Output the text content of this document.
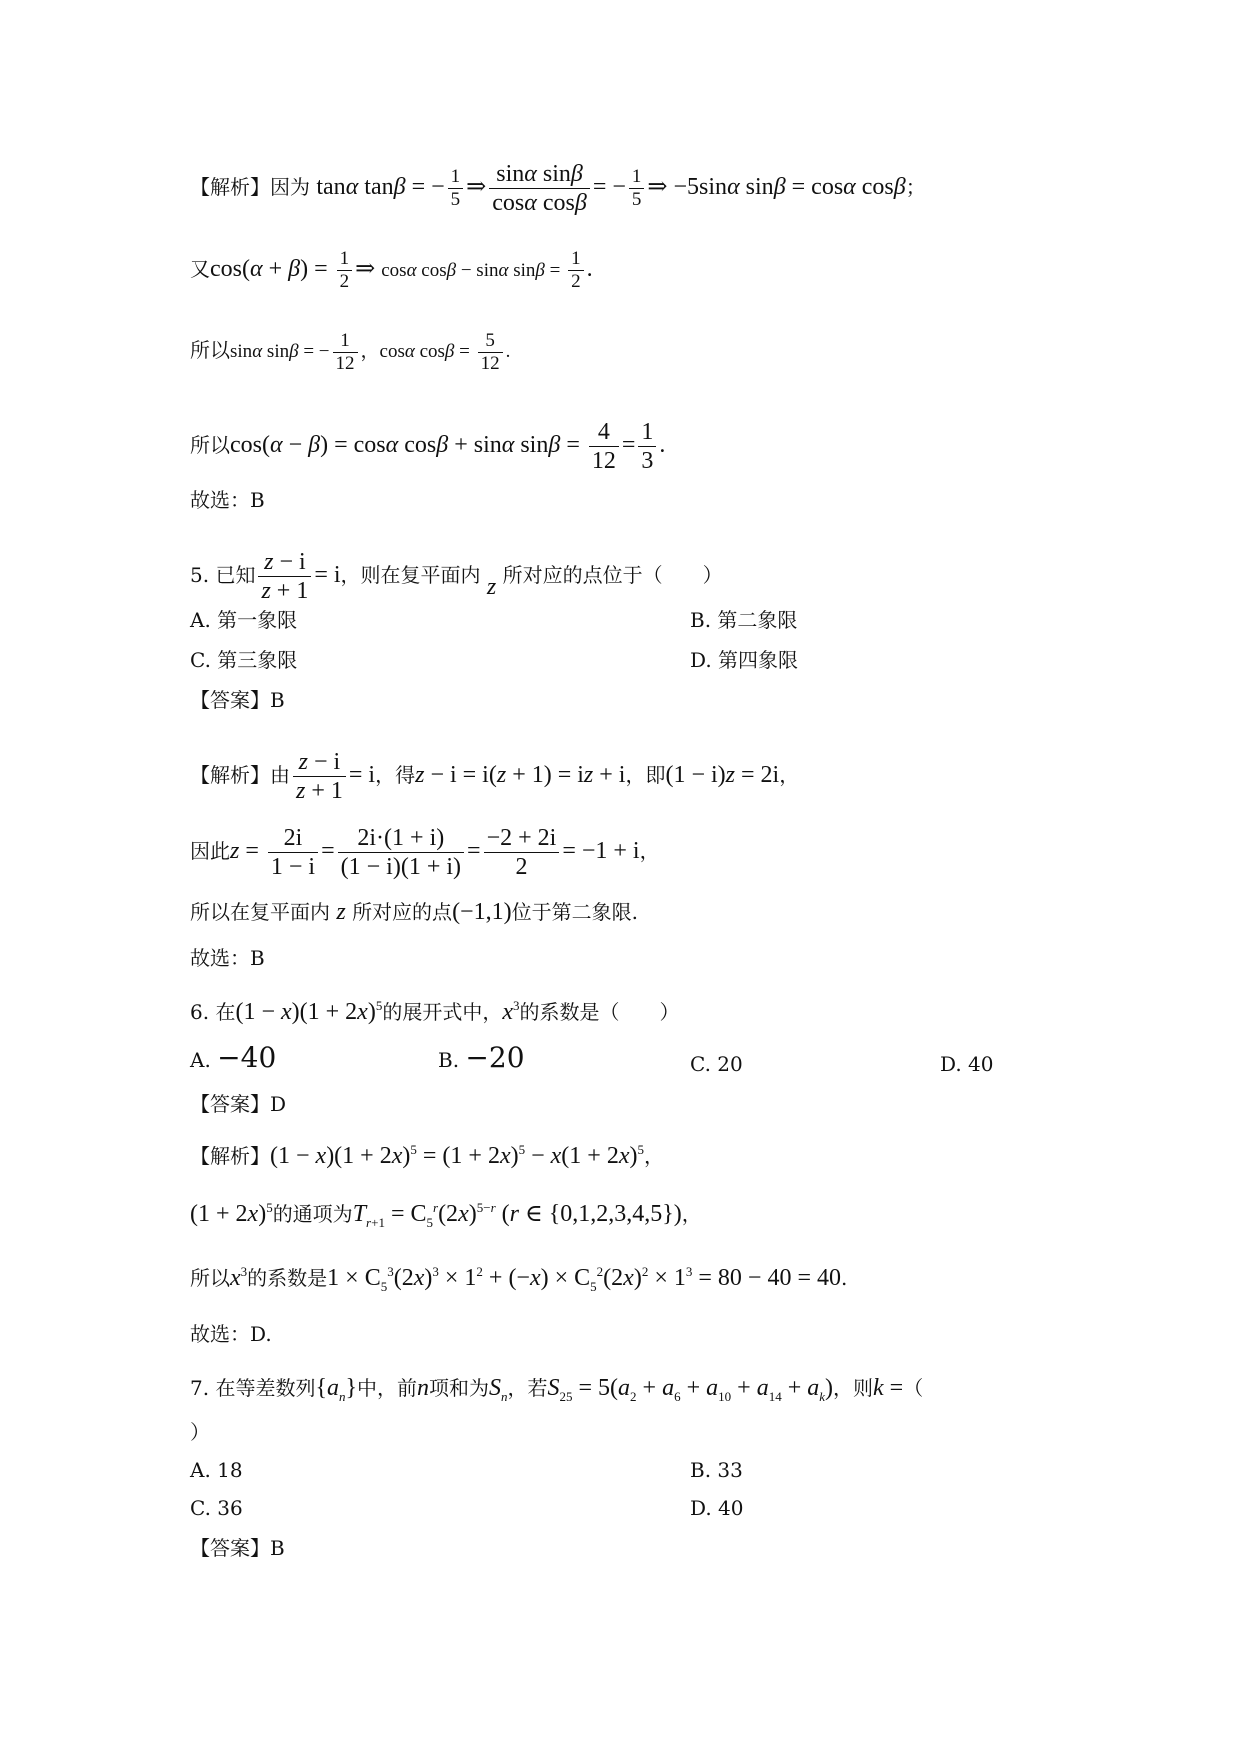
【解析】因为 tanα tanβ = − $\frac{1}{5}$ ⇒ $\frac{\text{sinα sinβ}}{\text{cosα cosβ}}$ = − $\frac{1}{5}$ ⇒ −5sinα sinβ = cosα cosβ；
又$\cos(\alpha + \beta) = \frac{1}{2}$ ⇒ cosα cosβ − sinα $\sin\beta = \frac{1}{2}$ .
所以sinα sinβ = − $\frac{1}{12}$ ，cosα $\cos\beta = \frac{5}{12}$ .
所以cos(α − β) = cosα cosβ + sinα $\sin\beta = \frac{4}{12} = \frac{1}{3}$ .
故选：B
5. 已知 $\frac{z - i}{z + 1} = i$，则在复平面内 z 所对应的点位于（　　）
A. 第一象限	B. 第二象限
C. 第三象限	D. 第四象限
【答案】B
【解析】由 $\frac{z - i}{z + 1} = i$，得z − i = i(z + 1) = iz + i，即(1 − i)z = 2i，
因此$z = \frac{2i}{1 - i} = \frac{2i\cdot(1 + i)}{(1 - i)(1 + i)} = \frac{-2 + 2i}{2} = -1 + i$，
所以在复平面内 z 所对应的点(−1,1)位于第二象限.
故选：B
6. 在$(1 - x)(1 + 2x)^5$的展开式中，$x^3$的系数是（　　）
A. −40	B. −20	C. 20	D. 40
【答案】D
【解析】$(1 - x)(1 + 2x)^5 = (1 + 2x)^5 - x(1 + 2x)^5$，
$(1 + 2x)^5$的通项为$T_{r+1} = C_5^r(2x)^{5-r}$ (r ∈ {0,1,2,3,4,5})，
所以$x^3$的系数是$1 \times C_5^3(2x)^3 \times 1^2 + (-x) \times C_5^2(2x)^2 \times 1^3 = 80 - 40 = 40$.
故选：D.
7. 在等差数列$\{a_n\}$中，前n项和为$S_n$，若$S_{25} = 5(a_2 + a_6 + a_{10} + a_{14} + a_k)$，则k =（
）
A. 18	B. 33
C. 36	D. 40
【答案】B
